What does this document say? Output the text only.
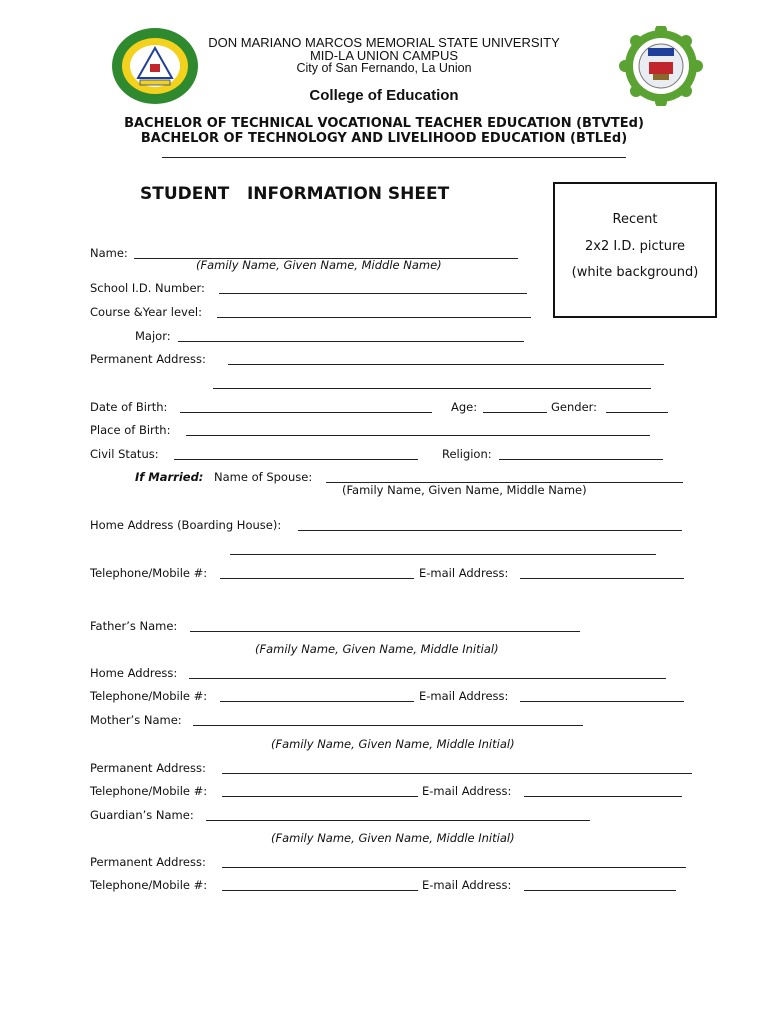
DON MARIANO MARCOS MEMORIAL STATE UNIVERSITY
MID-LA UNION CAMPUS
City of San Fernando, La Union
College of Education
BACHELOR OF TECHNICAL VOCATIONAL TEACHER EDUCATION (BTVTEd)
BACHELOR OF TECHNOLOGY AND LIVELIHOOD EDUCATION (BTLEd)
STUDENT   INFORMATION SHEET
Recent
2x2 I.D. picture
(white background)
Name:
(Family Name, Given Name, Middle Name)
School I.D. Number:
Course &Year level:
Major:
Permanent Address:
Date of Birth:	Age:	Gender:
Place of Birth:
Civil Status:	Religion:
If Married: Name of Spouse:
(Family Name, Given Name, Middle Name)
Home Address (Boarding House):
Telephone/Mobile #:	E-mail Address:
Father’s Name:
(Family Name, Given Name, Middle Initial)
Home Address:
Telephone/Mobile #:	E-mail Address:
Mother’s Name:
(Family Name, Given Name, Middle Initial)
Permanent Address:
Telephone/Mobile #:	E-mail Address:
Guardian’s Name:
(Family Name, Given Name, Middle Initial)
Permanent Address:
Telephone/Mobile #:	E-mail Address:
